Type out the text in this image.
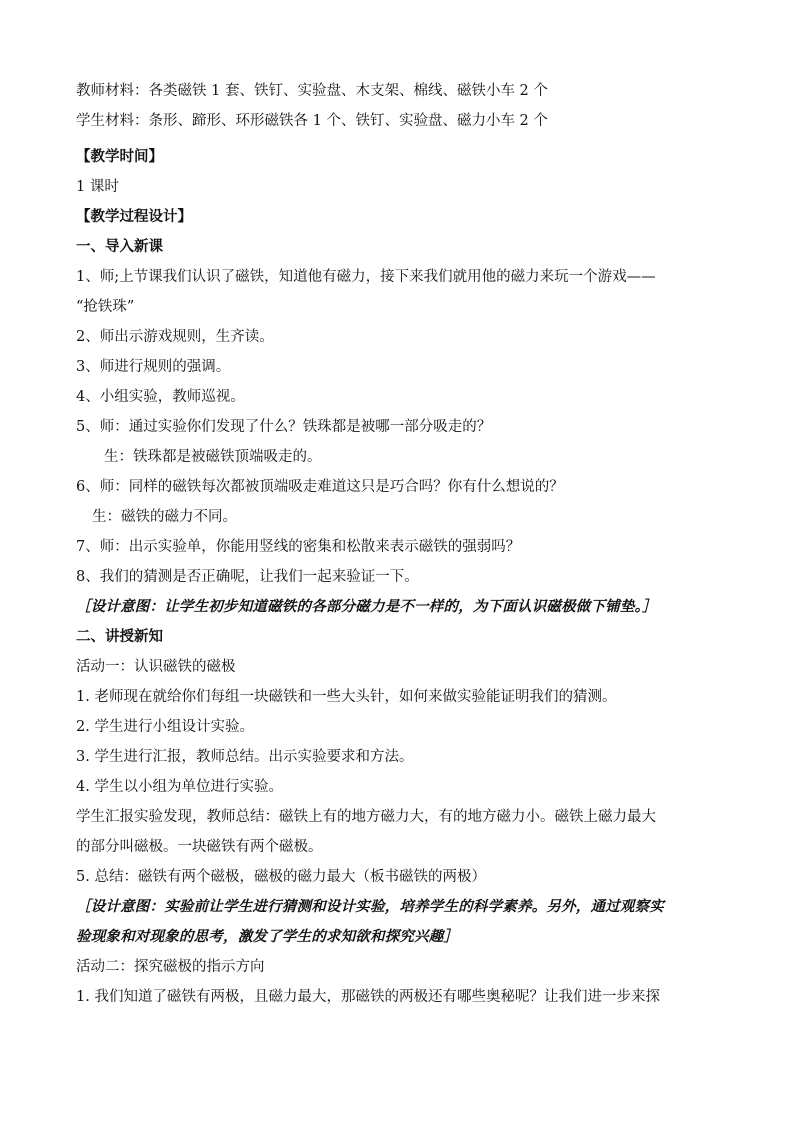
教师材料：各类磁铁 1 套、铁钉、实验盘、木支架、棉线、磁铁小车 2 个
学生材料：条形、蹄形、环形磁铁各 1 个、铁钉、实验盘、磁力小车 2 个
【教学时间】
1 课时
【教学过程设计】
一、导入新课
1、师;上节课我们认识了磁铁，知道他有磁力，接下来我们就用他的磁力来玩一个游戏——
“抢铁珠”
2、师出示游戏规则，生齐读。
3、师进行规则的强调。
4、小组实验，教师巡视。
5、师：通过实验你们发现了什么？铁珠都是被哪一部分吸走的？
生：铁珠都是被磁铁顶端吸走的。
6、师：同样的磁铁每次都被顶端吸走难道这只是巧合吗？你有什么想说的？
生：磁铁的磁力不同。
7、师：出示实验单，你能用竖线的密集和松散来表示磁铁的强弱吗？
8、我们的猜测是否正确呢，让我们一起来验证一下。
［设计意图：让学生初步知道磁铁的各部分磁力是不一样的，为下面认识磁极做下铺垫。］
二、讲授新知
活动一：认识磁铁的磁极
1. 老师现在就给你们每组一块磁铁和一些大头针，如何来做实验能证明我们的猜测。
2. 学生进行小组设计实验。
3. 学生进行汇报，教师总结。出示实验要求和方法。
4. 学生以小组为单位进行实验。
学生汇报实验发现，教师总结：磁铁上有的地方磁力大，有的地方磁力小。磁铁上磁力最大
的部分叫磁极。一块磁铁有两个磁极。
5. 总结：磁铁有两个磁极，磁极的磁力最大（板书磁铁的两极）
［设计意图：实验前让学生进行猜测和设计实验，培养学生的科学素养。另外，通过观察实
验现象和对现象的思考，激发了学生的求知欲和探究兴趣］
活动二：探究磁极的指示方向
1. 我们知道了磁铁有两极，且磁力最大，那磁铁的两极还有哪些奥秘呢？让我们进一步来探
